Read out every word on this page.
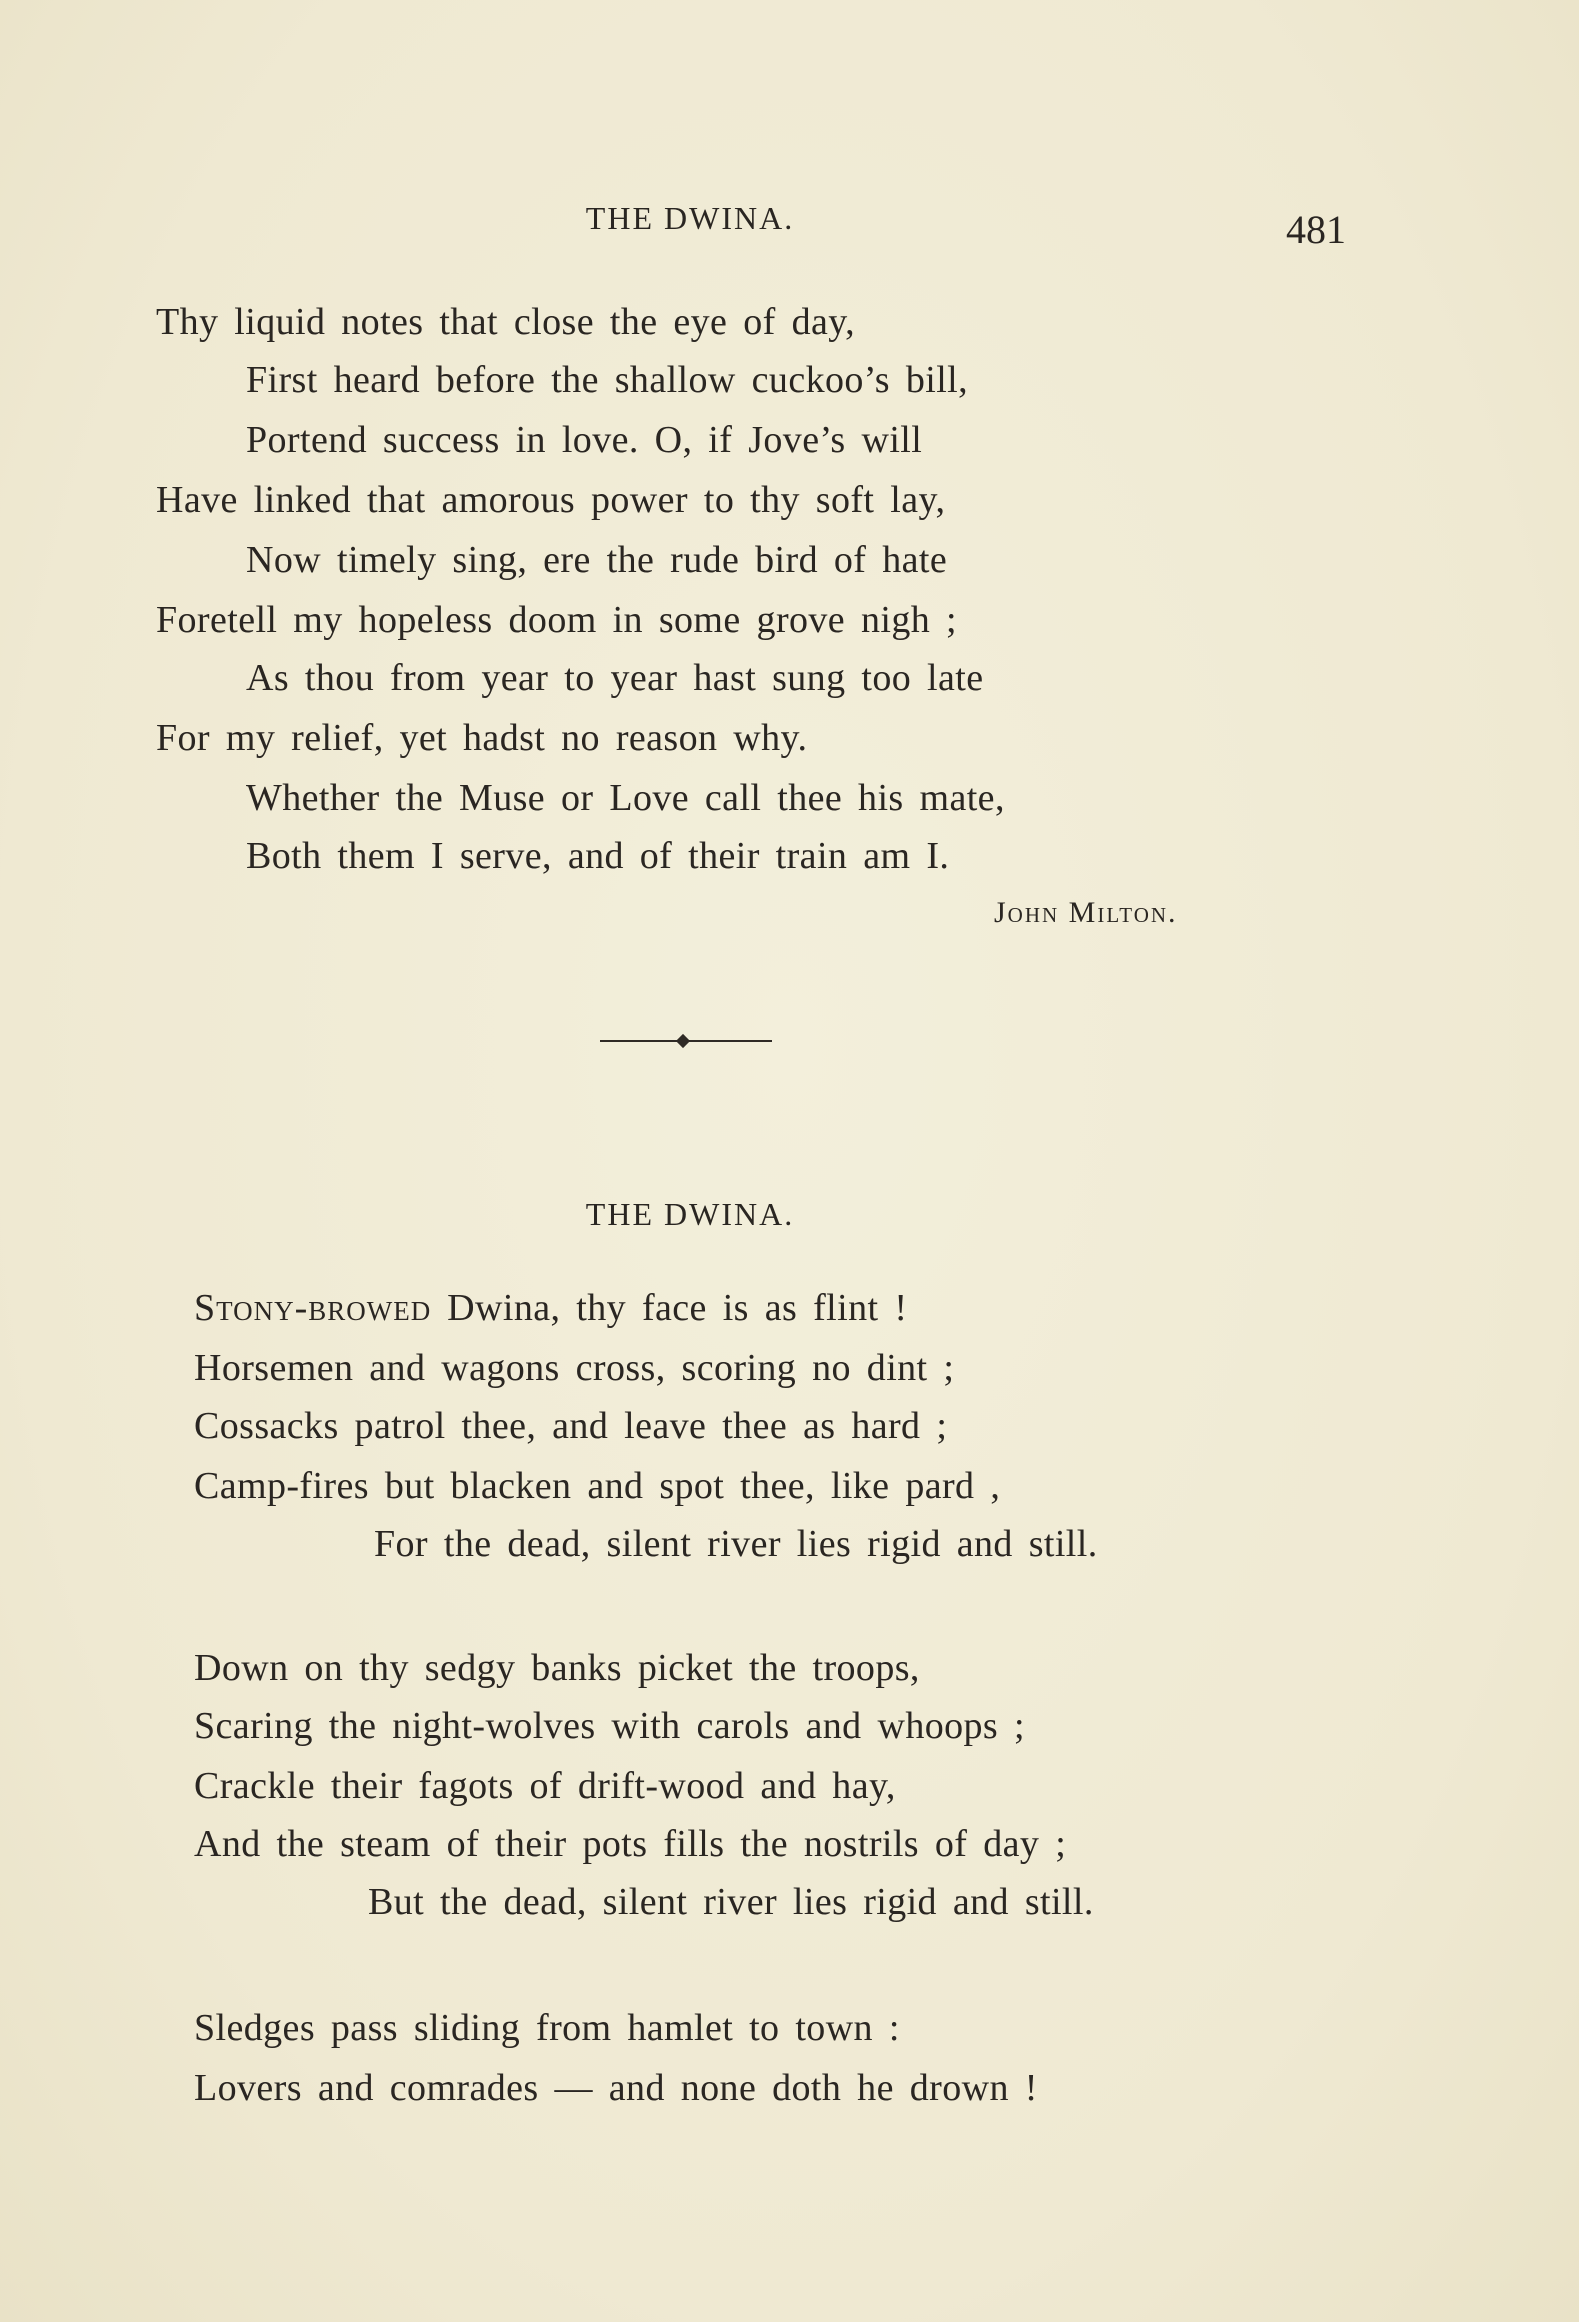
THE DWINA.	481
Thy liquid notes that close the eye of day,
First heard before the shallow cuckoo’s bill,
Portend success in love. O, if Jove’s will
Have linked that amorous power to thy soft lay,
Now timely sing, ere the rude bird of hate
Foretell my hopeless doom in some grove nigh ;
As thou from year to year hast sung too late
For my relief, yet hadst no reason why.
Whether the Muse or Love call thee his mate,
Both them I serve, and of their train am I.
John Milton.
THE DWINA.
Stony-browed Dwina, thy face is as flint !
Horsemen and wagons cross, scoring no dint ;
Cossacks patrol thee, and leave thee as hard ;
Camp-fires but blacken and spot thee, like pard ,
For the dead, silent river lies rigid and still.
Down on thy sedgy banks picket the troops,
Scaring the night-wolves with carols and whoops ;
Crackle their fagots of drift-wood and hay,
And the steam of their pots fills the nostrils of day ;
But the dead, silent river lies rigid and still.
Sledges pass sliding from hamlet to town :
Lovers and comrades — and none doth he drown !
